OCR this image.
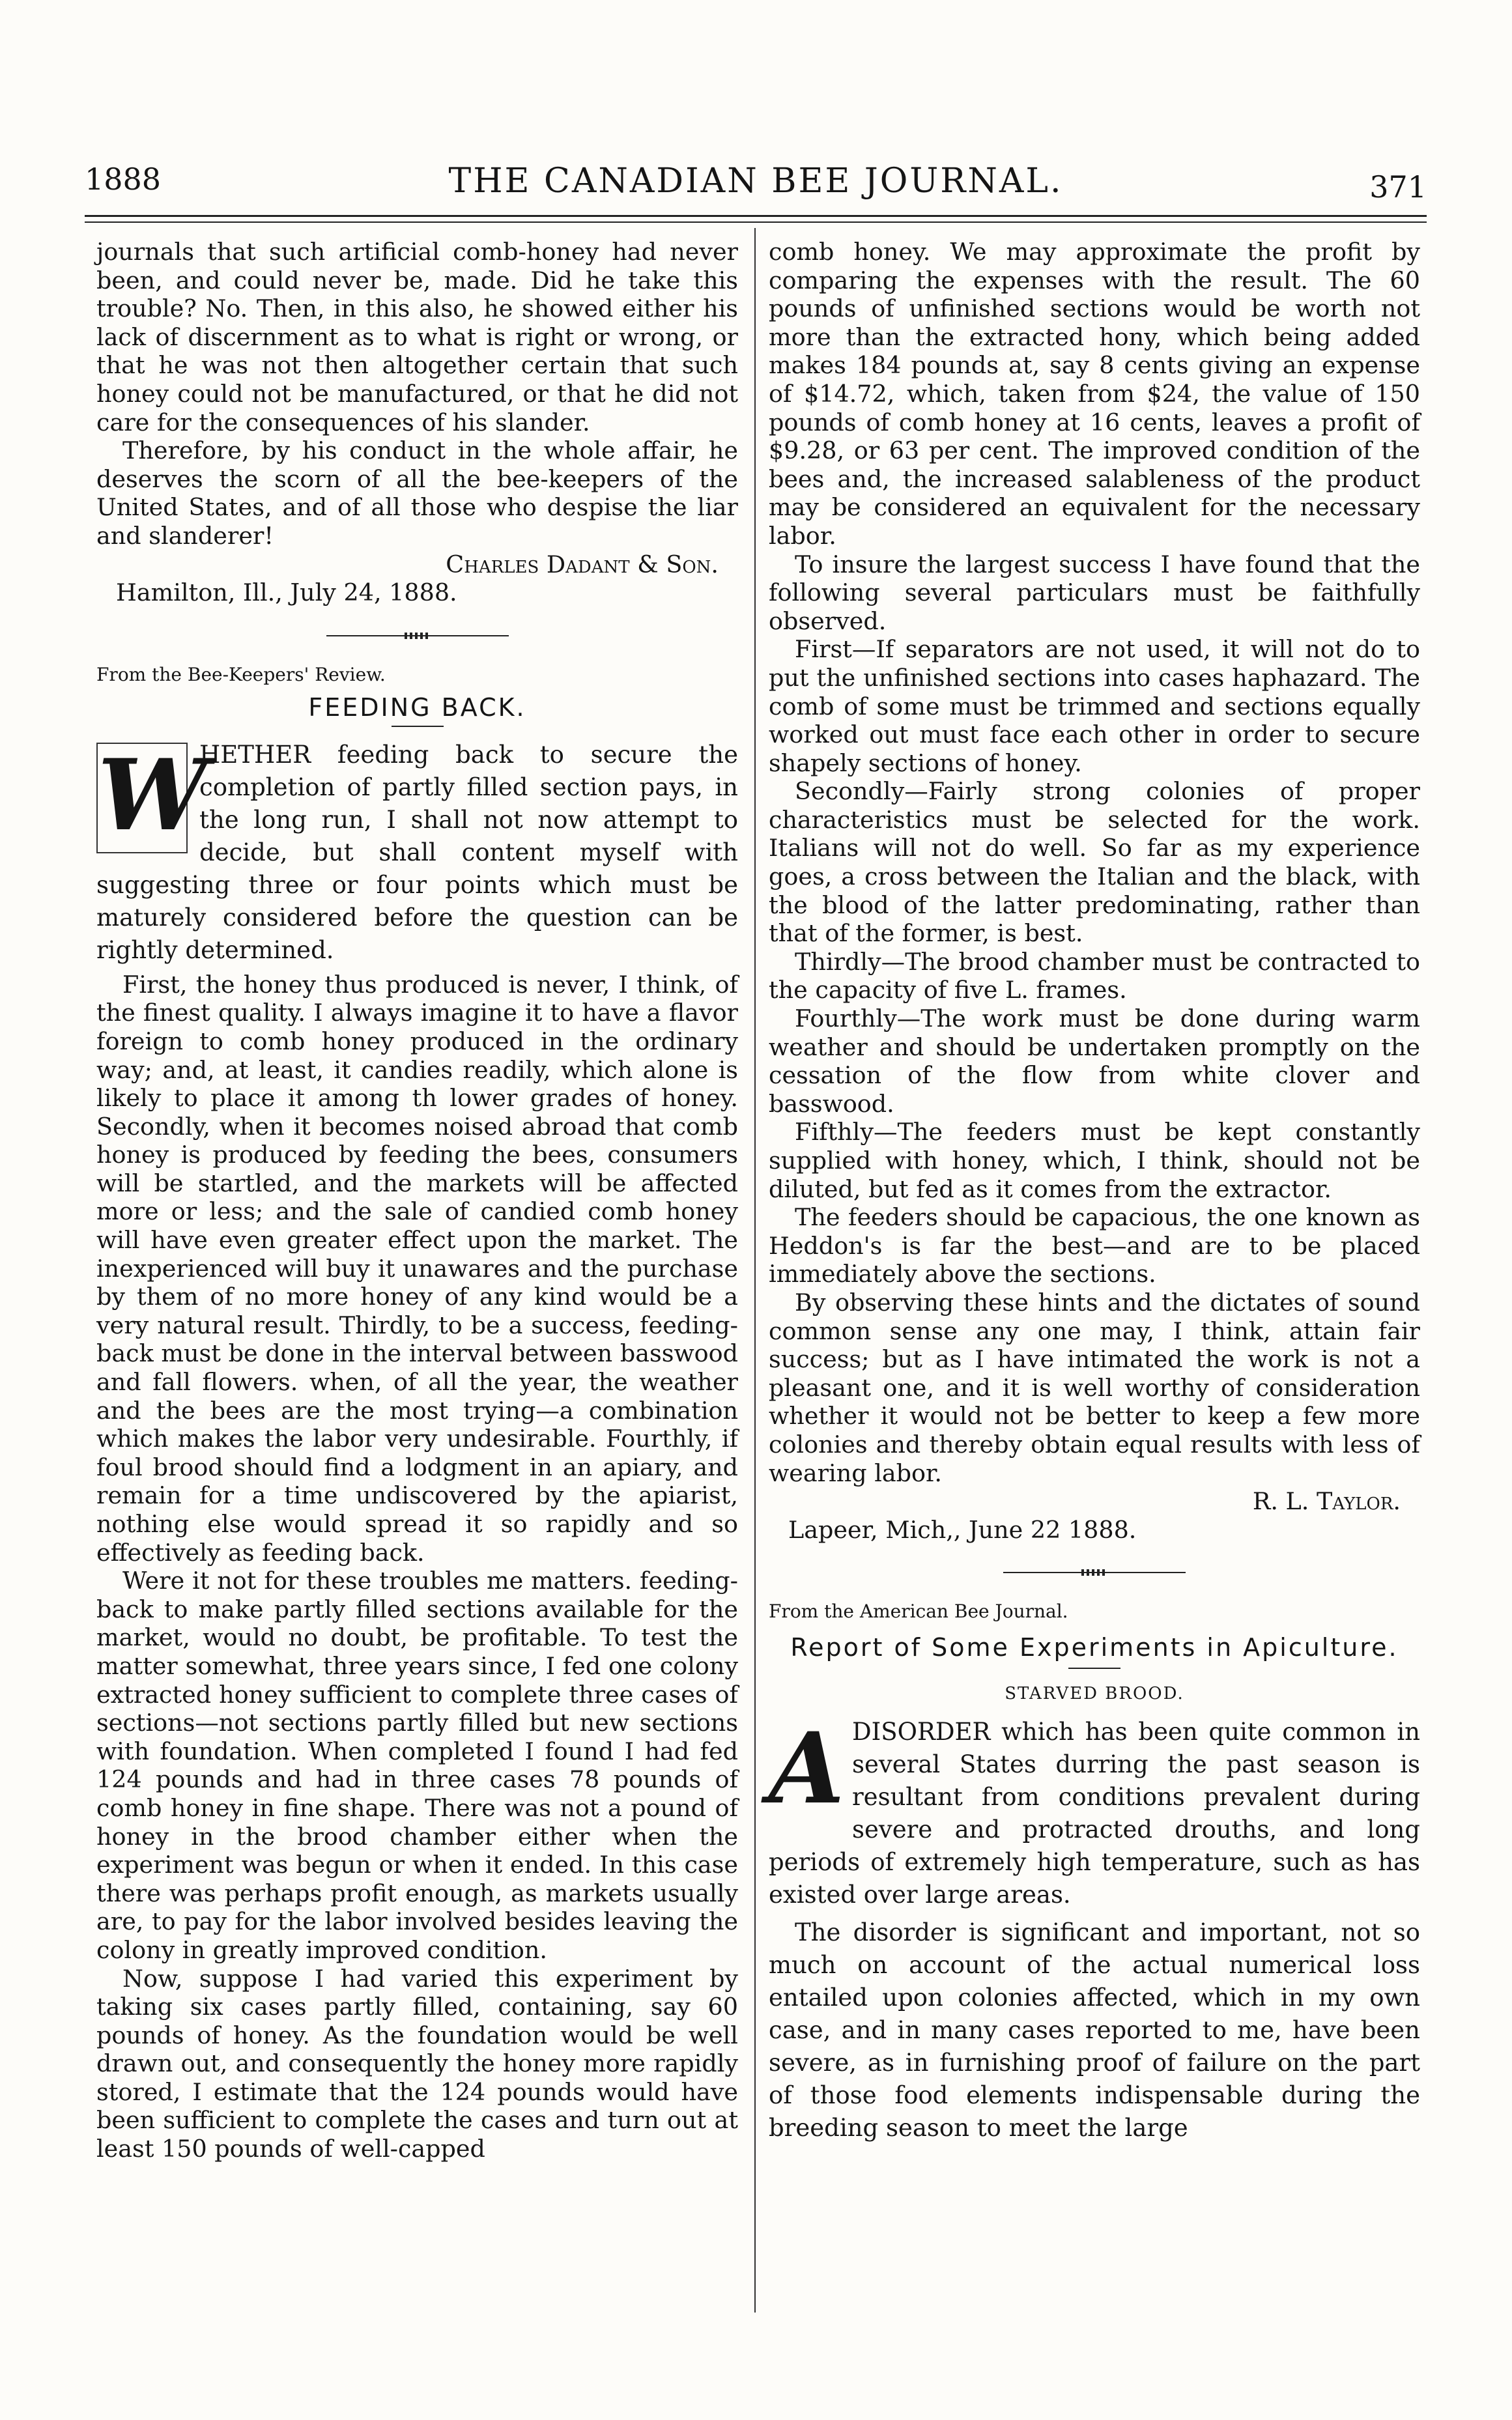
1888	THE CANADIAN BEE JOURNAL.	371

journals that such artificial comb-honey had never been, and could never be, made. Did he take this trouble? No. Then, in this also, he showed either his lack of discernment as to what is right or wrong, or that he was not then altogether certain that such honey could not be manufactured, or that he did not care for the consequences of his slander.

Therefore, by his conduct in the whole affair, he deserves the scorn of all the bee-keepers of the United States, and of all those who despise the liar and slanderer!

Charles Dadant & Son.

Hamilton, Ill., July 24, 1888.

From the Bee-Keepers' Review.

FEEDING BACK.
W

HETHER feeding back to secure the completion of partly filled section pays, in the long run, I shall not now attempt to decide, but shall content myself with suggesting three or four points which must be maturely considered before the question can be rightly determined.

First, the honey thus produced is never, I think, of the finest quality. I always imagine it to have a flavor foreign to comb honey produced in the ordinary way; and, at least, it candies readily, which alone is likely to place it among th lower grades of honey. Secondly, when it becomes noised abroad that comb honey is produced by feeding the bees, consumers will be startled, and the markets will be affected more or less; and the sale of candied comb honey will have even greater effect upon the market. The inexperienced will buy it unawares and the purchase by them of no more honey of any kind would be a very natural result. Thirdly, to be a success, feeding-back must be done in the interval between basswood and fall flowers. when, of all the year, the weather and the bees are the most trying—a combination which makes the labor very undesirable. Fourthly, if foul brood should find a lodgment in an apiary, and remain for a time undiscovered by the apiarist, nothing else would spread it so rapidly and so effectively as feeding back.

Were it not for these troubles me matters. feeding-back to make partly filled sections available for the market, would no doubt, be profitable. To test the matter somewhat, three years since, I fed one colony extracted honey sufficient to complete three cases of sections—not sections partly filled but new sections with foundation. When completed I found I had fed 124 pounds and had in three cases 78 pounds of comb honey in fine shape. There was not a pound of honey in the brood chamber either when the experiment was begun or when it ended. In this case there was perhaps profit enough, as markets usually are, to pay for the labor involved besides leaving the colony in greatly improved condition.

Now, suppose I had varied this experiment by taking six cases partly filled, containing, say 60 pounds of honey. As the foundation would be well drawn out, and consequently the honey more rapidly stored, I estimate that the 124 pounds would have been sufficient to complete the cases and turn out at least 150 pounds of well-capped

comb honey. We may approximate the profit by comparing the expenses with the result. The 60 pounds of unfinished sections would be worth not more than the extracted hony, which being added makes 184 pounds at, say 8 cents giving an expense of $14.72, which, taken from $24, the value of 150 pounds of comb honey at 16 cents, leaves a profit of $9.28, or 63 per cent. The improved condition of the bees and, the increased salableness of the product may be considered an equivalent for the necessary labor.

To insure the largest success I have found that the following several particulars must be faithfully observed.

First—If separators are not used, it will not do to put the unfinished sections into cases haphazard. The comb of some must be trimmed and sections equally worked out must face each other in order to secure shapely sections of honey.

Secondly—Fairly strong colonies of proper characteristics must be selected for the work. Italians will not do well. So far as my experience goes, a cross between the Italian and the black, with the blood of the latter predominating, rather than that of the former, is best.

Thirdly—The brood chamber must be contracted to the capacity of five L. frames.

Fourthly—The work must be done during warm weather and should be undertaken promptly on the cessation of the flow from white clover and basswood.

Fifthly—The feeders must be kept constantly supplied with honey, which, I think, should not be diluted, but fed as it comes from the extractor.

The feeders should be capacious, the one known as Heddon's is far the best—and are to be placed immediately above the sections.

By observing these hints and the dictates of sound common sense any one may, I think, attain fair success; but as I have intimated the work is not a pleasant one, and it is well worthy of consideration whether it would not be better to keep a few more colonies and thereby obtain equal results with less of wearing labor.

R. L. Taylor.

Lapeer, Mich,, June 22 1888.

From the American Bee Journal.

Report of Some Experiments in Apiculture.
STARVED BROOD.
A DISORDER which has been quite common in several States durring the past season is resultant from conditions prevalent during severe and protracted drouths, and long periods of extremely high temperature, such as has existed over large areas.

The disorder is significant and important, not so much on account of the actual numerical loss entailed upon colonies affected, which in my own case, and in many cases reported to me, have been severe, as in furnishing proof of failure on the part of those food elements indispensable during the breeding season to meet the large
